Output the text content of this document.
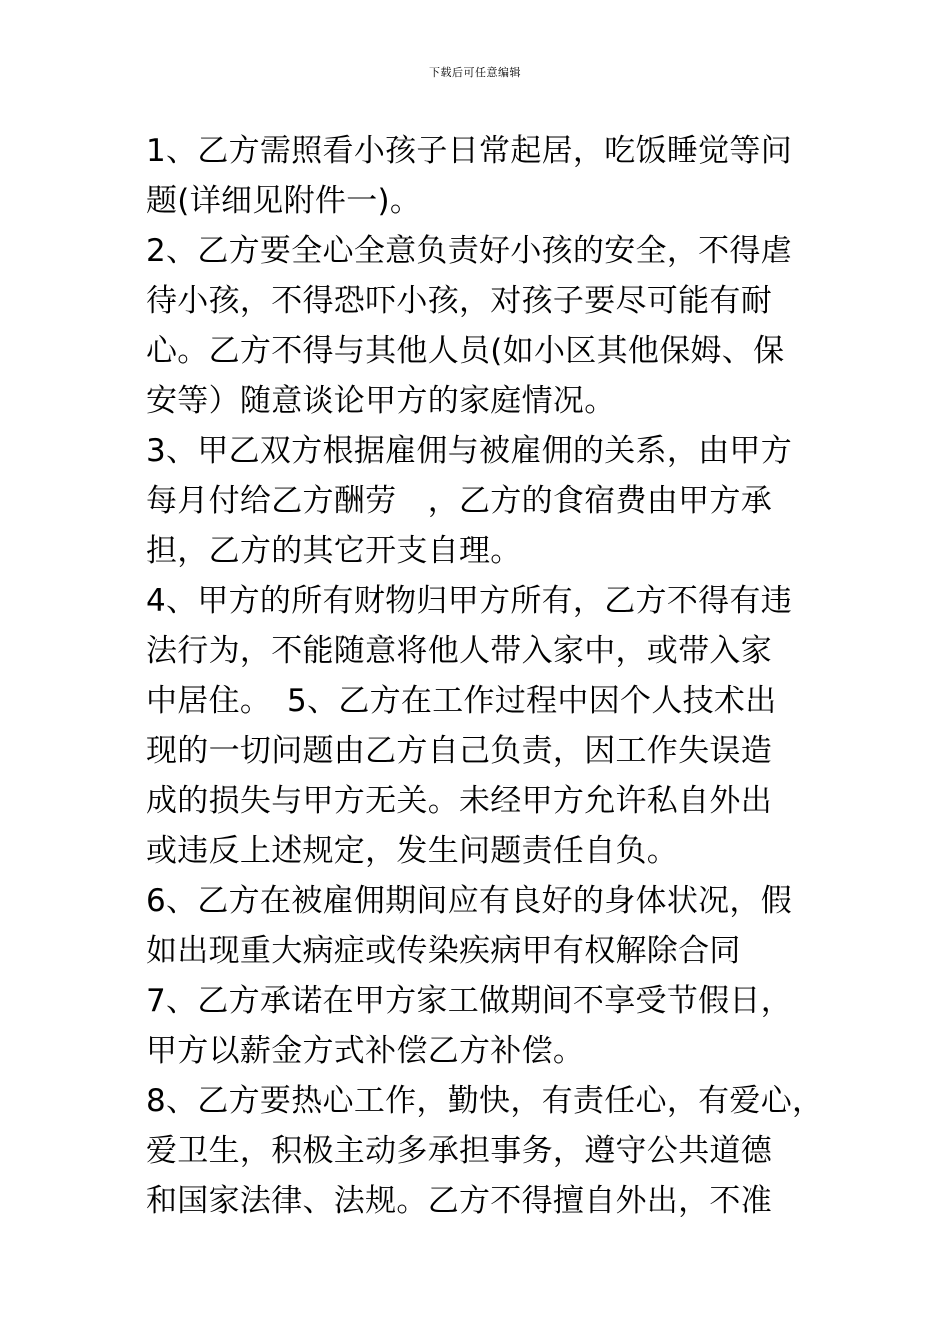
下载后可任意编辑
1、乙方需照看小孩子日常起居，吃饭睡觉等问
题(详细见附件一)。
2、乙方要全心全意负责好小孩的安全，不得虐
待小孩，不得恐吓小孩，对孩子要尽可能有耐
心。乙方不得与其他人员(如小区其他保姆、保
安等）随意谈论甲方的家庭情况。
3、甲乙双方根据雇佣与被雇佣的关系，由甲方
每月付给乙方酬劳　，乙方的食宿费由甲方承
担，乙方的其它开支自理。
4、甲方的所有财物归甲方所有，乙方不得有违
法行为，不能随意将他人带入家中，或带入家
中居住。　5、乙方在工作过程中因个人技术出
现的一切问题由乙方自己负责，因工作失误造
成的损失与甲方无关。未经甲方允许私自外出
或违反上述规定，发生问题责任自负。
6、乙方在被雇佣期间应有良好的身体状况，假
如出现重大病症或传染疾病甲有权解除合同
7、乙方承诺在甲方家工做期间不享受节假日，
甲方以薪金方式补偿乙方补偿。
8、乙方要热心工作，勤快，有责任心，有爱心，
爱卫生，积极主动多承担事务，遵守公共道德
和国家法律、法规。乙方不得擅自外出，不准
